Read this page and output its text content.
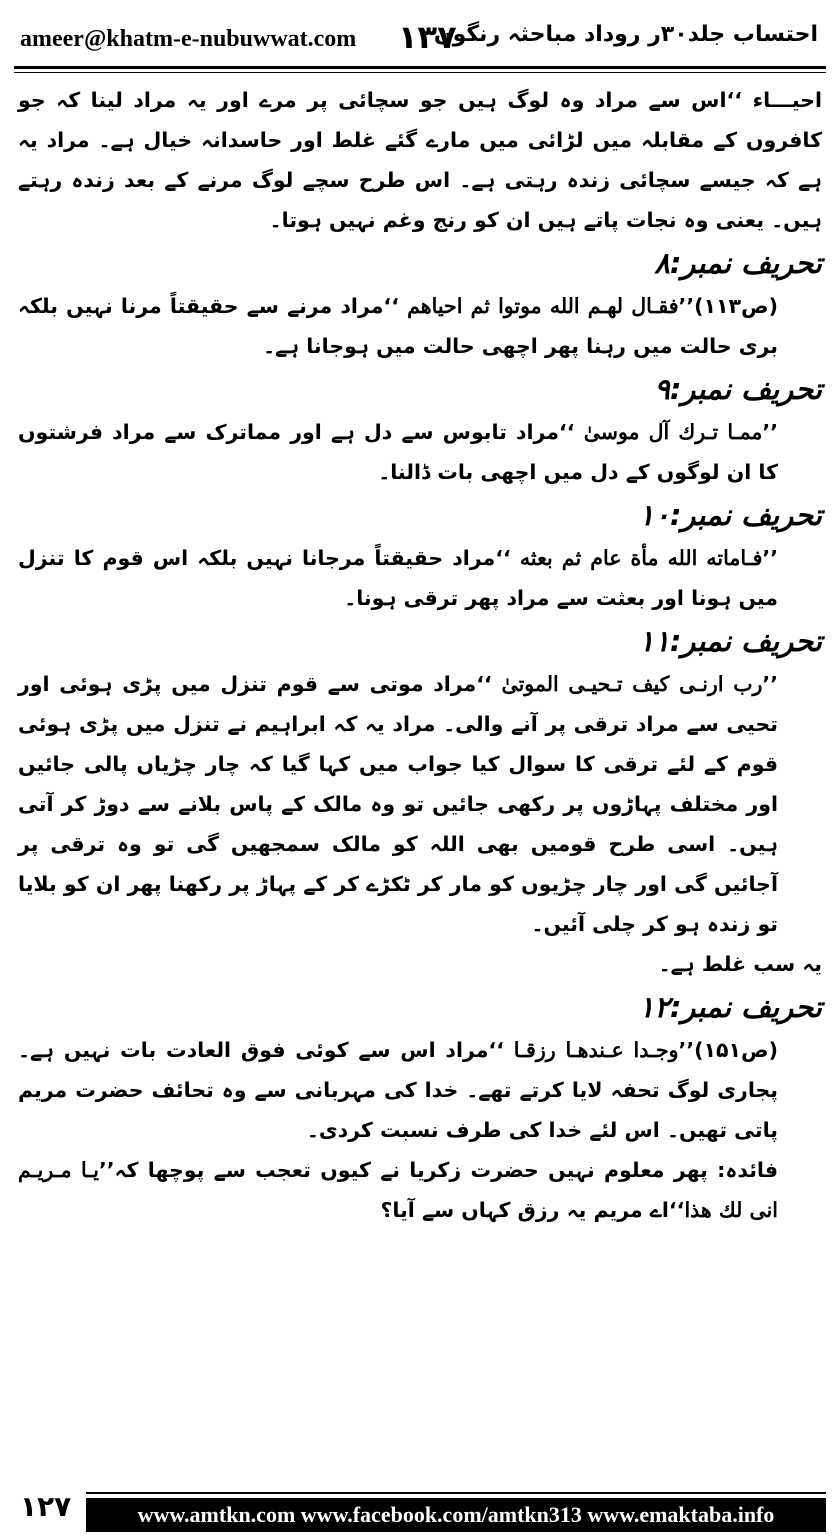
ameer@khatm-e-nubuwwat.com ۱۳۷
احتساب جلد۳۰ر روداد مباحثہ رنگون

احیـــاء ‘‘اس سے مراد وہ لوگ ہیں جو سچائی پر مرے اور یہ مراد لینا کہ جو کافروں کے مقابلہ میں لڑائی میں مارے گئے غلط اور حاسدانہ خیال ہے۔ مراد یہ ہے کہ جیسے سچائی زندہ رہتی ہے۔ اس طرح سچے لوگ مرنے کے بعد زندہ رہتے ہیں۔ یعنی وہ نجات پاتے ہیں ان کو رنج وغم نہیں ہوتا۔

تحریف نمبر:۸

(ص۱۱۳)’’فقـال لهـم الله موتوا ثم احياهم ‘‘مراد مرنے سے حقیقتاً مرنا نہیں بلکہ بری حالت میں رہنا پھر اچھی حالت میں ہوجانا ہے۔

تحریف نمبر:۹

’’ممـا تـرك آل موسىٰ ‘‘مراد تابوس سے دل ہے اور مماترک سے مراد فرشتوں کا ان لوگوں کے دل میں اچھی بات ڈالنا۔

تحریف نمبر:۱۰

’’فـاماته الله مأة عام ثم بعثه ‘‘مراد حقیقتاً مرجانا نہیں بلکہ اس قوم کا تنزل میں ہونا اور بعثت سے مراد پھر ترقی ہونا۔

تحریف نمبر:۱۱

’’رب ارنـی کیف تـحيـی الموتىٰ ‘‘مراد موتی سے قوم تنزل میں پڑی ہوئی اور تحیی سے مراد ترقی پر آنے والی۔ مراد یہ کہ ابراہیم نے تنزل میں پڑی ہوئی قوم کے لئے ترقی کا سوال کیا جواب میں کہا گیا کہ چار چڑیاں پالی جائیں اور مختلف پہاڑوں پر رکھی جائیں تو وہ مالک کے پاس بلانے سے دوڑ کر آتی ہیں۔ اسی طرح قومیں بھی اللہ کو مالک سمجھیں گی تو وہ ترقی پر آجائیں گی اور چار چڑیوں کو مار کر ٹکڑے کر کے پہاڑ پر رکھنا پھر ان کو بلایا تو زندہ ہو کر چلی آئیں۔

یہ سب غلط ہے۔

تحریف نمبر:۱۲

(ص۱۵۱)’’وجـدا عـندهـا رزقـا ‘‘مراد اس سے کوئی فوق العادت بات نہیں ہے۔ پجاری لوگ تحفہ لایا کرتے تھے۔ خدا کی مہربانی سے وہ تحائف حضرت مریم پاتی تھیں۔ اس لئے خدا کی طرف نسبت کردی۔

فائدہ: پھر معلوم نہیں حضرت زکریا نے کیوں تعجب سے پوچھا کہ’’يـا مـريـم انی لك هذا‘‘اے مریم یہ رزق کہاں سے آیا؟

۱۲۷	www.amtkn.com www.facebook.com/amtkn313 www.emaktaba.info
